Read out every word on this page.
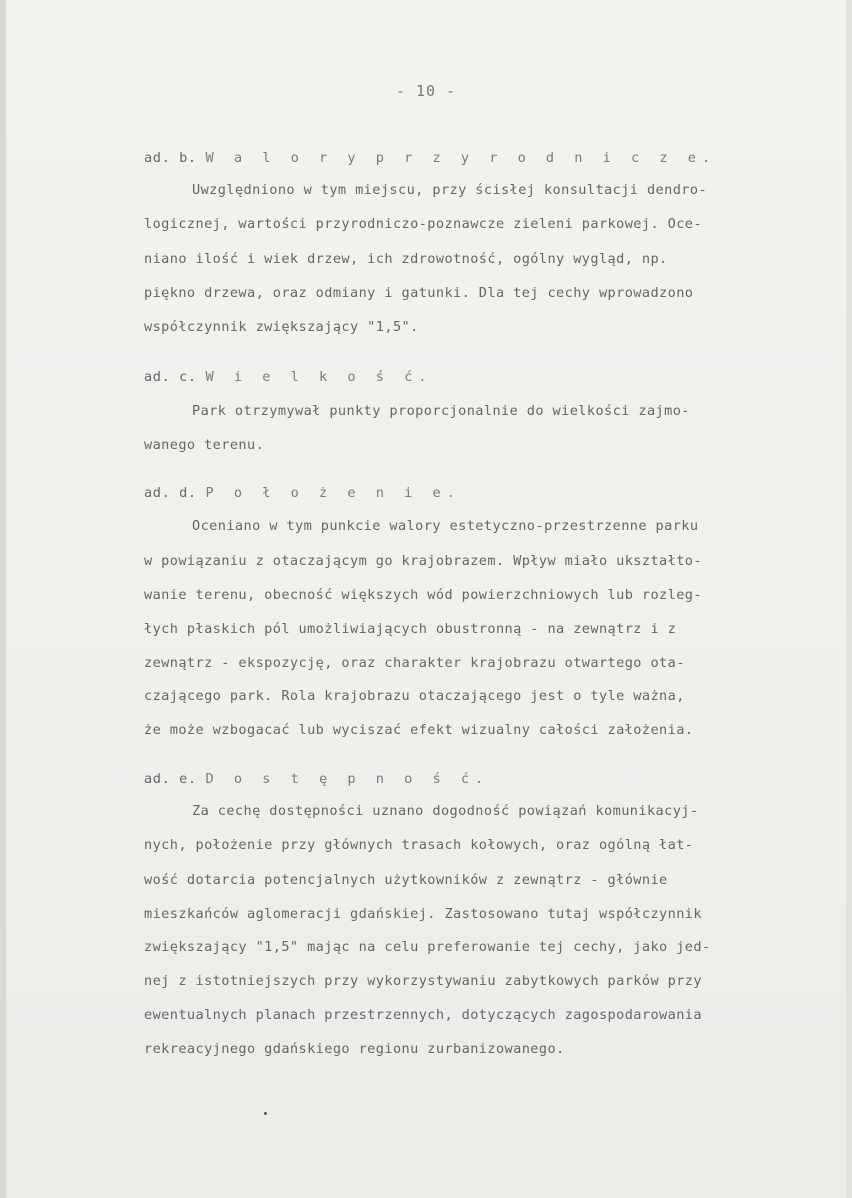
- 10 -
ad. b. W a l o r y p r z y r o d n i c z e.
Uwzględniono w tym miejscu, przy ścisłej konsultacji dendro-
logicznej, wartości przyrodniczo-poznawcze zieleni parkowej. Oce-
niano ilość i wiek drzew, ich zdrowotność, ogólny wygląd, np.
piękno drzewa, oraz odmiany i gatunki. Dla tej cechy wprowadzono
współczynnik zwiększający "1,5".
ad. c. W i e l k o ś ć.
Park otrzymywał punkty proporcjonalnie do wielkości zajmo-
wanego terenu.
ad. d. P o ł o ż e n i e.
Oceniano w tym punkcie walory estetyczno-przestrzenne parku
w powiązaniu z otaczającym go krajobrazem. Wpływ miało ukształto-
wanie terenu, obecność większych wód powierzchniowych lub rozleg-
łych płaskich pól umożliwiających obustronną - na zewnątrz i z
zewnątrz - ekspozycję, oraz charakter krajobrazu otwartego ota-
czającego park. Rola krajobrazu otaczającego jest o tyle ważna,
że może wzbogacać lub wyciszać efekt wizualny całości założenia.
ad. e. D o s t ę p n o ś ć.
Za cechę dostępności uznano dogodność powiązań komunikacyj-
nych, położenie przy głównych trasach kołowych, oraz ogólną łat-
wość dotarcia potencjalnych użytkowników z zewnątrz - głównie
mieszkańców aglomeracji gdańskiej. Zastosowano tutaj współczynnik
zwiększający "1,5" mając na celu preferowanie tej cechy, jako jed-
nej z istotniejszych przy wykorzystywaniu zabytkowych parków przy
ewentualnych planach przestrzennych, dotyczących zagospodarowania
rekreacyjnego gdańskiego regionu zurbanizowanego.
